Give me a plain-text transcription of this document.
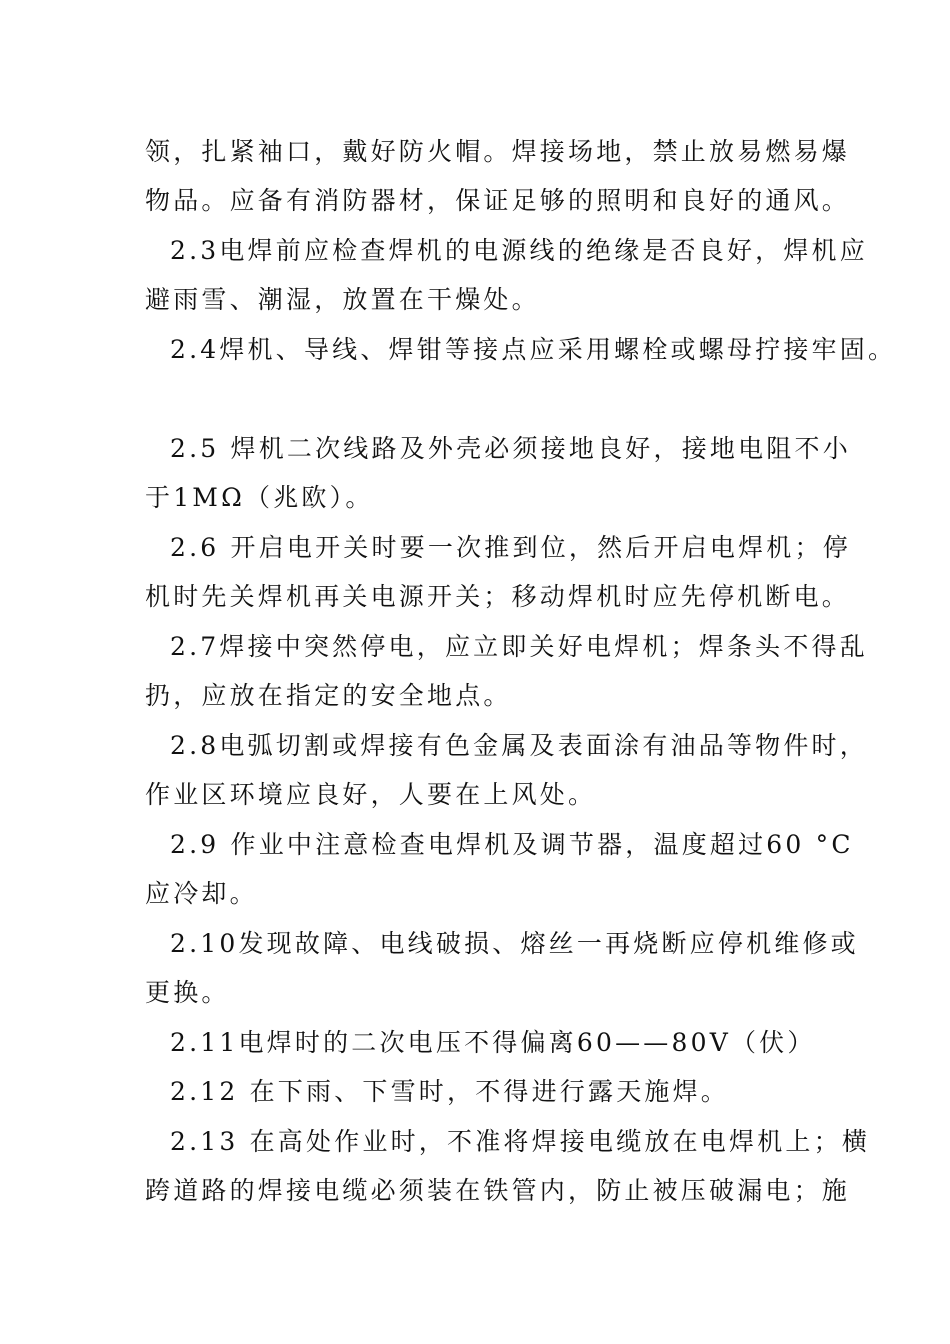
领，扎紧袖口，戴好防火帽。焊接场地，禁止放易燃易爆

物品。应备有消防器材，保证足够的照明和良好的通风。

2.3电焊前应检查焊机的电源线的绝缘是否良好，焊机应

避雨雪、潮湿，放置在干燥处。

2.4焊机、导线、焊钳等接点应采用螺栓或螺母拧接牢固。

2.5 焊机二次线路及外壳必须接地良好，接地电阻不小

于1MΩ（兆欧）。

2.6 开启电开关时要一次推到位，然后开启电焊机；停

机时先关焊机再关电源开关；移动焊机时应先停机断电。

2.7焊接中突然停电，应立即关好电焊机；焊条头不得乱

扔，应放在指定的安全地点。

2.8电弧切割或焊接有色金属及表面涂有油品等物件时，

作业区环境应良好，人要在上风处。

2.9 作业中注意检查电焊机及调节器，温度超过60 °C

应冷却。

2.10发现故障、电线破损、熔丝一再烧断应停机维修或

更换。

2.11电焊时的二次电压不得偏离60——80V（伏）

2.12 在下雨、下雪时，不得进行露天施焊。

2.13 在高处作业时，不准将焊接电缆放在电焊机上；横

跨道路的焊接电缆必须装在铁管内，防止被压破漏电；施
